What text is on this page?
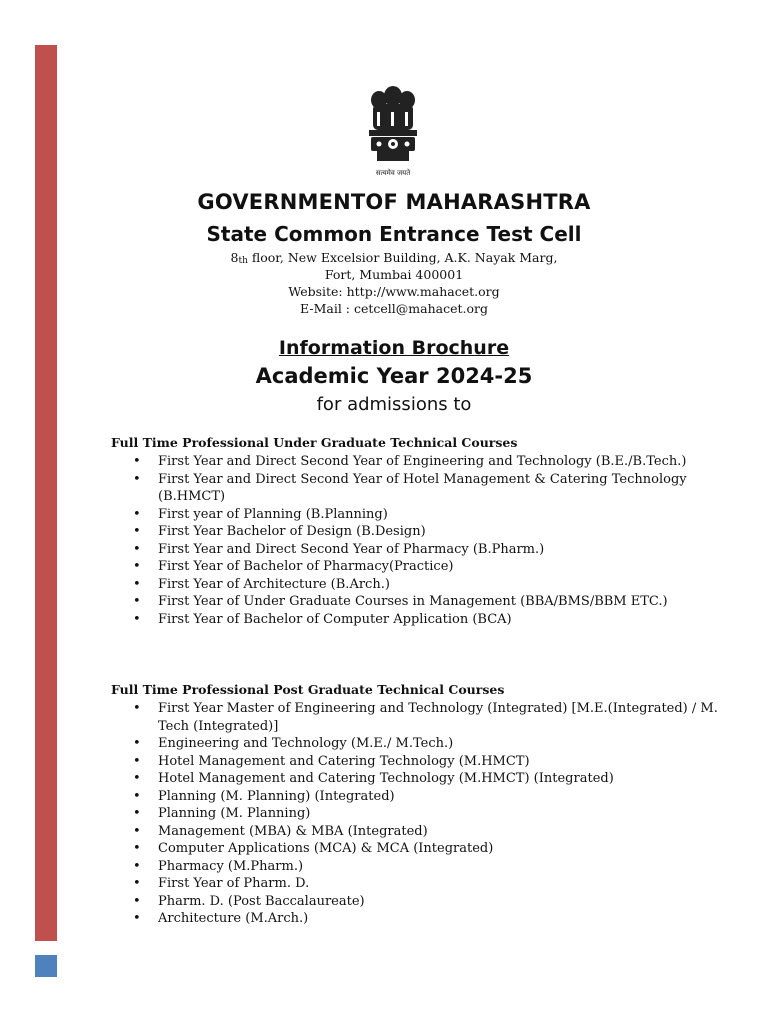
सत्यमेव जयते
GOVERNMENTOF MAHARASHTRA
State Common Entrance Test Cell
8th floor, New Excelsior Building, A.K. Nayak Marg,
Fort, Mumbai 400001
Website: http://www.mahacet.org
E-Mail : cetcell@mahacet.org
Information Brochure
Academic Year 2024-25
for admissions to
Full Time Professional Under Graduate Technical Courses
• First Year and Direct Second Year of Engineering and Technology (B.E./B.Tech.)
• First Year and Direct Second Year of Hotel Management & Catering Technology (B.HMCT)
• First year of Planning (B.Planning)
• First Year Bachelor of Design (B.Design)
• First Year and Direct Second Year of Pharmacy (B.Pharm.)
• First Year of Bachelor of Pharmacy(Practice)
• First Year of Architecture (B.Arch.)
• First Year of Under Graduate Courses in Management (BBA/BMS/BBM ETC.)
• First Year of Bachelor of Computer Application (BCA)
Full Time Professional Post Graduate Technical Courses
• First Year Master of Engineering and Technology (Integrated) [M.E.(Integrated) / M. Tech (Integrated)]
• Engineering and Technology (M.E./ M.Tech.)
• Hotel Management and Catering Technology (M.HMCT)
• Hotel Management and Catering Technology (M.HMCT) (Integrated)
• Planning (M. Planning) (Integrated)
• Planning (M. Planning)
• Management (MBA) & MBA (Integrated)
• Computer Applications (MCA) & MCA (Integrated)
• Pharmacy (M.Pharm.)
• First Year of Pharm. D.
• Pharm. D. (Post Baccalaureate)
• Architecture (M.Arch.)
